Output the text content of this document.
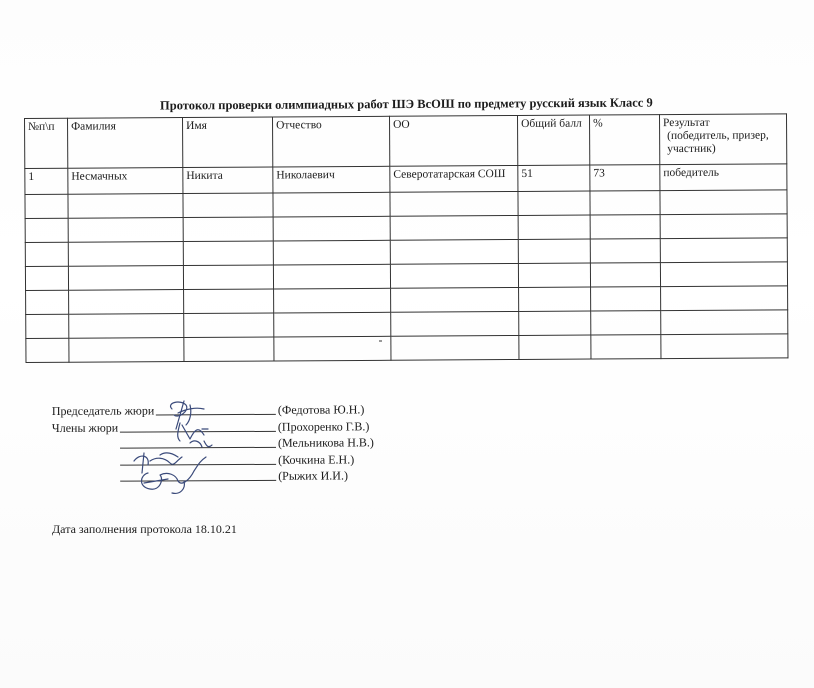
Протокол проверки олимпиадных работ ШЭ ВсОШ по предмету русский язык Класс 9
№п\п	Фамилия	Имя	Отчество	ОО	Общий балл	%	Результат
(победитель, призер,
участник)

1	Несмачных	Никита	Николаевич	Северотатарская СОШ	51	73	победитель

Председатель жюри	(Федотова Ю.Н.)
Члены жюри	(Прохоренко Г.В.)
(Мельникова Н.В.)
(Кочкина Е.Н.)
(Рыжих И.И.)
Дата заполнения протокола 18.10.21
